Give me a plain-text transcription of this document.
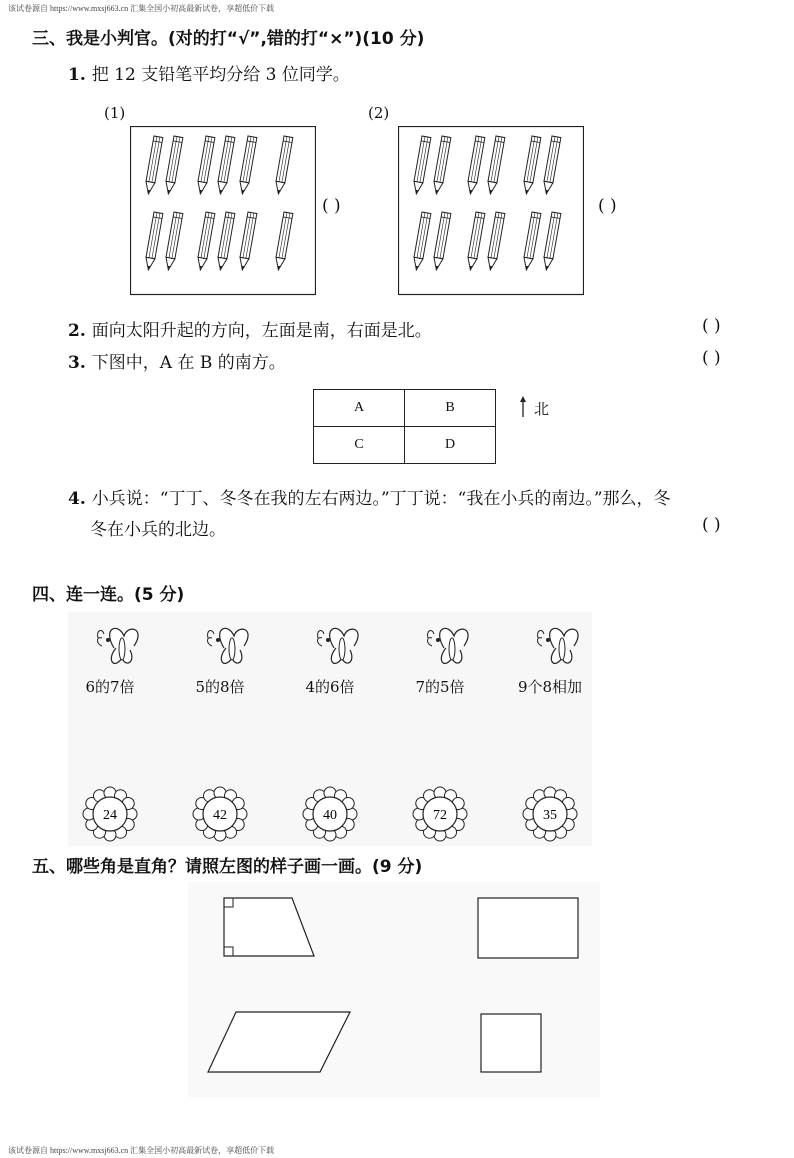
该试卷源自 https://www.mxsj663.cn 汇集全国小初高最新试卷，享超低价下载
该试卷源自 https://www.mxsj663.cn 汇集全国小初高最新试卷，享超低价下载
三、我是小判官。(对的打“√”,错的打“×”)(10 分)
1. 把 12 支铅笔平均分给 3 位同学。
(1)	(2)
( )	( )
2. 面向太阳升起的方向，左面是南，右面是北。	( )
3. 下图中，A 在 B 的南方。	( )
A	B
C	D
北
4. 小兵说：“丁丁、冬冬在我的左右两边。”丁丁说：“我在小兵的南边。”那么，冬
冬在小兵的北边。	( )
四、连一连。(5 分)
6的7倍	5的8倍	4的6倍	7的5倍	9个8相加
24	42	40	72	35
五、哪些角是直角？请照左图的样子画一画。(9 分)
